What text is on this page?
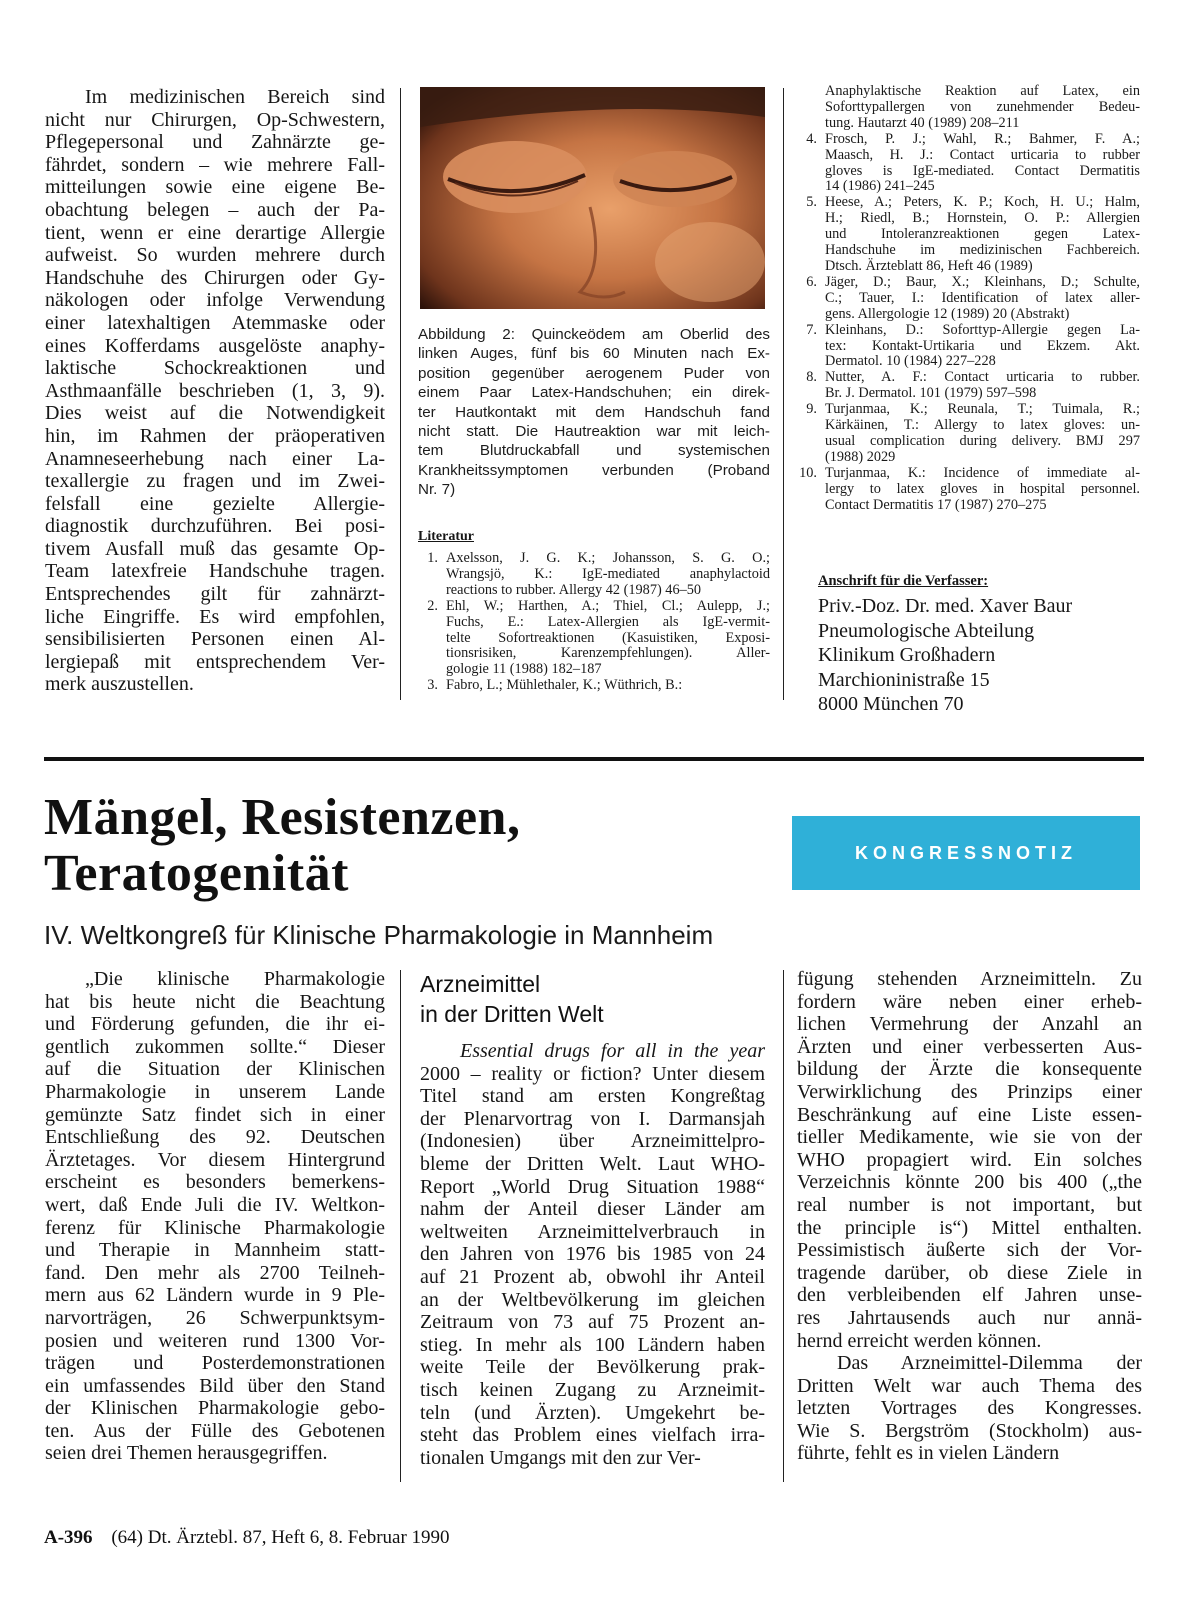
Im medizinischen Bereich sind
nicht nur Chirurgen, Op-Schwestern,
Pflegepersonal und Zahnärzte ge-
fährdet, sondern – wie mehrere Fall-
mitteilungen sowie eine eigene Be-
obachtung belegen – auch der Pa-
tient, wenn er eine derartige Allergie
aufweist. So wurden mehrere durch
Handschuhe des Chirurgen oder Gy-
näkologen oder infolge Verwendung
einer latexhaltigen Atemmaske oder
eines Kofferdams ausgelöste anaphy-
laktische Schockreaktionen und
Asthmaanfälle beschrieben (1, 3, 9).
Dies weist auf die Notwendigkeit
hin, im Rahmen der präoperativen
Anamneseerhebung nach einer La-
texallergie zu fragen und im Zwei-
felsfall eine gezielte Allergie-
diagnostik durchzuführen. Bei posi-
tivem Ausfall muß das gesamte Op-
Team latexfreie Handschuhe tragen.
Entsprechendes gilt für zahnärzt-
liche Eingriffe. Es wird empfohlen,
sensibilisierten Personen einen Al-
lergiepaß mit entsprechendem Ver-
merk auszustellen.
Abbildung 2: Quinckeödem am Oberlid des
linken Auges, fünf bis 60 Minuten nach Ex-
position gegenüber aerogenem Puder von
einem Paar Latex-Handschuhen; ein direk-
ter Hautkontakt mit dem Handschuh fand
nicht statt. Die Hautreaktion war mit leich-
tem Blutdruckabfall und systemischen
Krankheitssymptomen verbunden (Proband
Nr. 7)
Literatur
1. Axelsson, J. G. K.; Johansson, S. G. O.;
Wrangsjö, K.: IgE-mediated anaphylactoid
reactions to rubber. Allergy 42 (1987) 46–50
2. Ehl, W.; Harthen, A.; Thiel, Cl.; Aulepp, J.;
Fuchs, E.: Latex-Allergien als IgE-vermit-
telte Sofortreaktionen (Kasuistiken, Exposi-
tionsrisiken, Karenzempfehlungen). Aller-
gologie 11 (1988) 182–187
3. Fabro, L.; Mühlethaler, K.; Wüthrich, B.:
Anaphylaktische Reaktion auf Latex, ein
Soforttypallergen von zunehmender Bedeu-
tung. Hautarzt 40 (1989) 208–211
4. Frosch, P. J.; Wahl, R.; Bahmer, F. A.;
Maasch, H. J.: Contact urticaria to rubber
gloves is IgE-mediated. Contact Dermatitis
14 (1986) 241–245
5. Heese, A.; Peters, K. P.; Koch, H. U.; Halm,
H.; Riedl, B.; Hornstein, O. P.: Allergien
und Intoleranzreaktionen gegen Latex-
Handschuhe im medizinischen Fachbereich.
Dtsch. Ärzteblatt 86, Heft 46 (1989)
6. Jäger, D.; Baur, X.; Kleinhans, D.; Schulte,
C.; Tauer, I.: Identification of latex aller-
gens. Allergologie 12 (1989) 20 (Abstrakt)
7. Kleinhans, D.: Soforttyp-Allergie gegen La-
tex: Kontakt-Urtikaria und Ekzem. Akt.
Dermatol. 10 (1984) 227–228
8. Nutter, A. F.: Contact urticaria to rubber.
Br. J. Dermatol. 101 (1979) 597–598
9. Turjanmaa, K.; Reunala, T.; Tuimala, R.;
Kärkäinen, T.: Allergy to latex gloves: un-
usual complication during delivery. BMJ 297
(1988) 2029
10. Turjanmaa, K.: Incidence of immediate al-
lergy to latex gloves in hospital personnel.
Contact Dermatitis 17 (1987) 270–275
Anschrift für die Verfasser:
Priv.-Doz. Dr. med. Xaver Baur
Pneumologische Abteilung
Klinikum Großhadern
Marchioninistraße 15
8000 München 70
Mängel, Resistenzen,
Teratogenität	KONGRESSNOTIZ
IV. Weltkongreß für Klinische Pharmakologie in Mannheim
„Die klinische Pharmakologie
hat bis heute nicht die Beachtung
und Förderung gefunden, die ihr ei-
gentlich zukommen sollte.“ Dieser
auf die Situation der Klinischen
Pharmakologie in unserem Lande
gemünzte Satz findet sich in einer
Entschließung des 92. Deutschen
Ärztetages. Vor diesem Hintergrund
erscheint es besonders bemerkens-
wert, daß Ende Juli die IV. Weltkon-
ferenz für Klinische Pharmakologie
und Therapie in Mannheim statt-
fand. Den mehr als 2700 Teilneh-
mern aus 62 Ländern wurde in 9 Ple-
narvorträgen, 26 Schwerpunktsym-
posien und weiteren rund 1300 Vor-
trägen und Posterdemonstrationen
ein umfassendes Bild über den Stand
der Klinischen Pharmakologie gebo-
ten. Aus der Fülle des Gebotenen
seien drei Themen herausgegriffen.
Arzneimittel
in der Dritten Welt
Essential drugs for all in the year
2000 – reality or fiction? Unter diesem
Titel stand am ersten Kongreßtag
der Plenarvortrag von I. Darmansjah
(Indonesien) über Arzneimittelpro-
bleme der Dritten Welt. Laut WHO-
Report „World Drug Situation 1988“
nahm der Anteil dieser Länder am
weltweiten Arzneimittelverbrauch in
den Jahren von 1976 bis 1985 von 24
auf 21 Prozent ab, obwohl ihr Anteil
an der Weltbevölkerung im gleichen
Zeitraum von 73 auf 75 Prozent an-
stieg. In mehr als 100 Ländern haben
weite Teile der Bevölkerung prak-
tisch keinen Zugang zu Arzneimit-
teln (und Ärzten). Umgekehrt be-
steht das Problem eines vielfach irra-
tionalen Umgangs mit den zur Ver-
fügung stehenden Arzneimitteln. Zu
fordern wäre neben einer erheb-
lichen Vermehrung der Anzahl an
Ärzten und einer verbesserten Aus-
bildung der Ärzte die konsequente
Verwirklichung des Prinzips einer
Beschränkung auf eine Liste essen-
tieller Medikamente, wie sie von der
WHO propagiert wird. Ein solches
Verzeichnis könnte 200 bis 400 („the
real number is not important, but
the principle is“) Mittel enthalten.
Pessimistisch äußerte sich der Vor-
tragende darüber, ob diese Ziele in
den verbleibenden elf Jahren unse-
res Jahrtausends auch nur annä-
hernd erreicht werden können.
Das Arzneimittel-Dilemma der
Dritten Welt war auch Thema des
letzten Vortrages des Kongresses.
Wie S. Bergström (Stockholm) aus-
führte, fehlt es in vielen Ländern
A-396 (64) Dt. Ärztebl. 87, Heft 6, 8. Februar 1990
